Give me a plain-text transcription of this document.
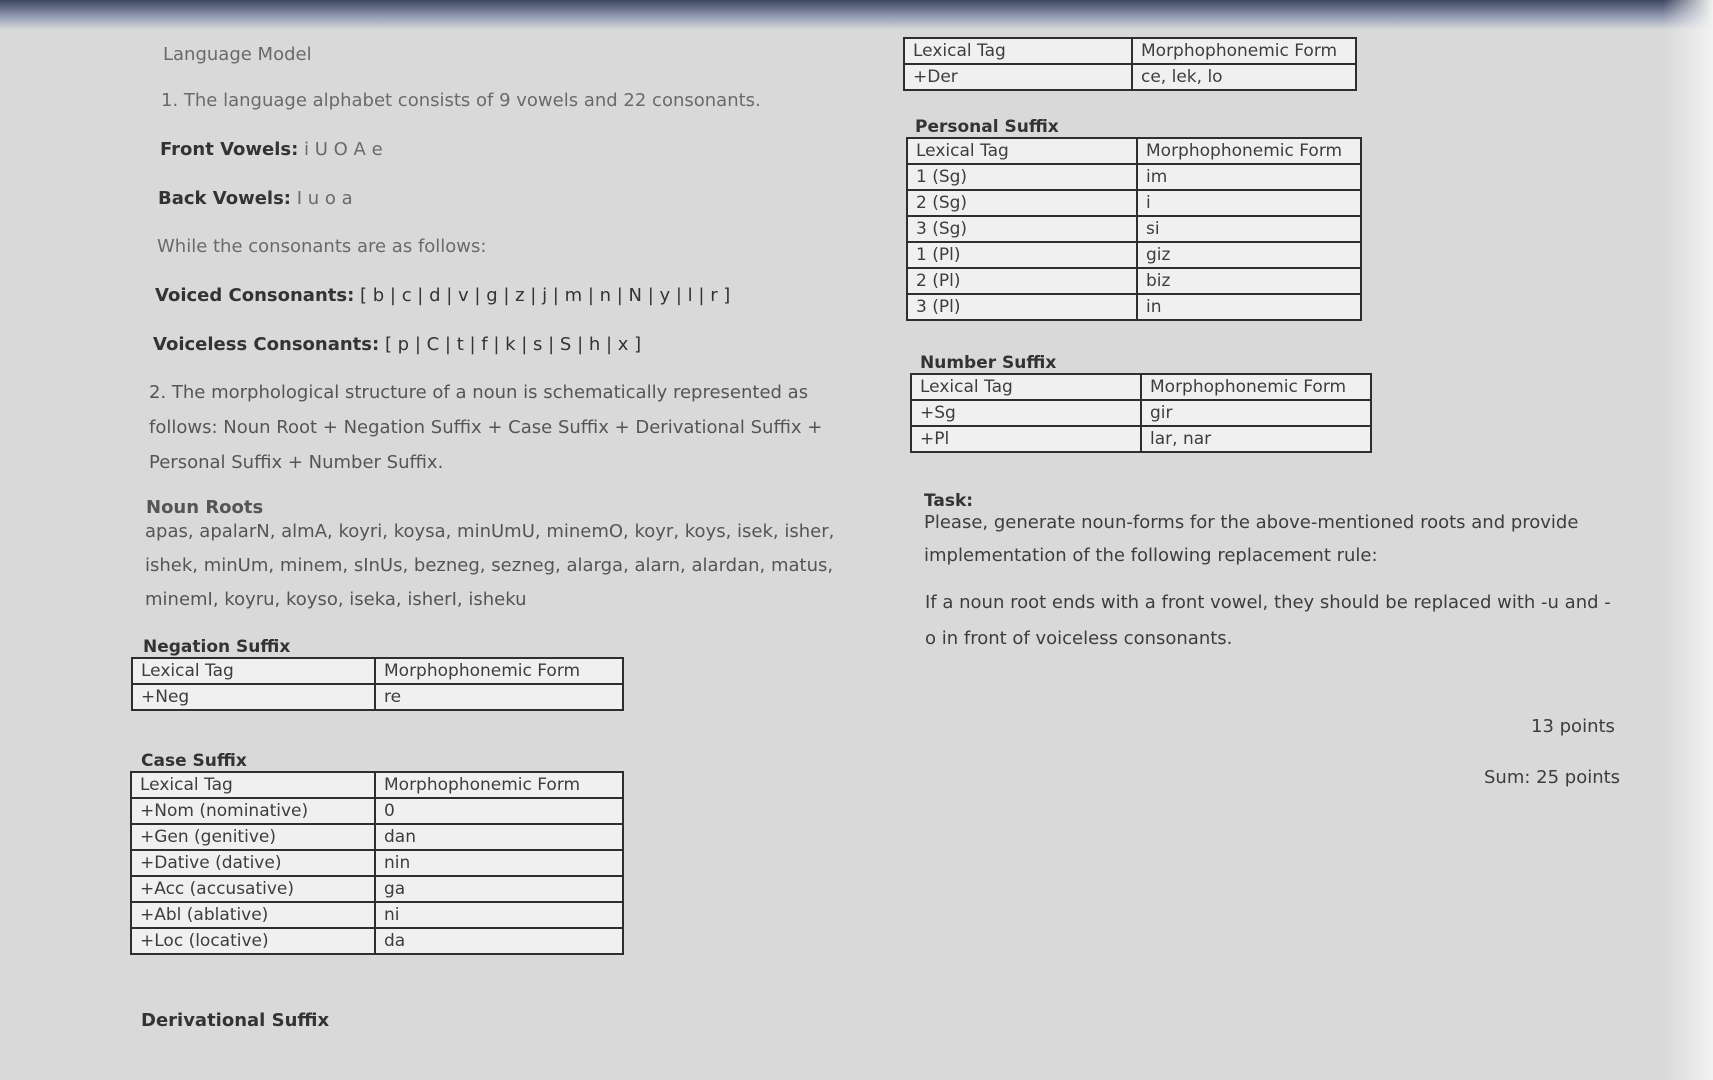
Language Model
1. The language alphabet consists of 9 vowels and 22 consonants.
Front Vowels: i U O A e
Back Vowels: I u o a
While the consonants are as follows:
Voiced Consonants: [ b | c | d | v | g | z | j | m | n | N | y | l | r ]
Voiceless Consonants: [ p | C | t | f | k | s | S | h | x ]
2. The morphological structure of a noun is schematically represented as
follows: Noun Root + Negation Suffix + Case Suffix + Derivational Suffix +
Personal Suffix + Number Suffix.
Noun Roots
apas, apalarN, almA, koyri, koysa, minUmU, minemO, koyr, koys, isek, isher,
ishek, minUm, minem, sInUs, bezneg, sezneg, alarga, alarn, alardan, matus,
minemI, koyru, koyso, iseka, isherI, isheku
Negation Suffix
Lexical Tag	Morphophonemic Form
+Neg	re
Case Suffix
Lexical Tag	Morphophonemic Form
+Nom (nominative)	0
+Gen (genitive)	dan
+Dative (dative)	nin
+Acc (accusative)	ga
+Abl (ablative)	ni
+Loc (locative)	da
Derivational Suffix
Lexical Tag	Morphophonemic Form
+Der	ce, lek, lo
Personal Suffix
Lexical Tag	Morphophonemic Form
1 (Sg)	im
2 (Sg)	i
3 (Sg)	si
1 (Pl)	giz
2 (Pl)	biz
3 (Pl)	in
Number Suffix
Lexical Tag	Morphophonemic Form
+Sg	gir
+Pl	lar, nar
Task:
Please, generate noun-forms for the above-mentioned roots and provide
implementation of the following replacement rule:
If a noun root ends with a front vowel, they should be replaced with -u and -
o in front of voiceless consonants.
13 points
Sum: 25 points
